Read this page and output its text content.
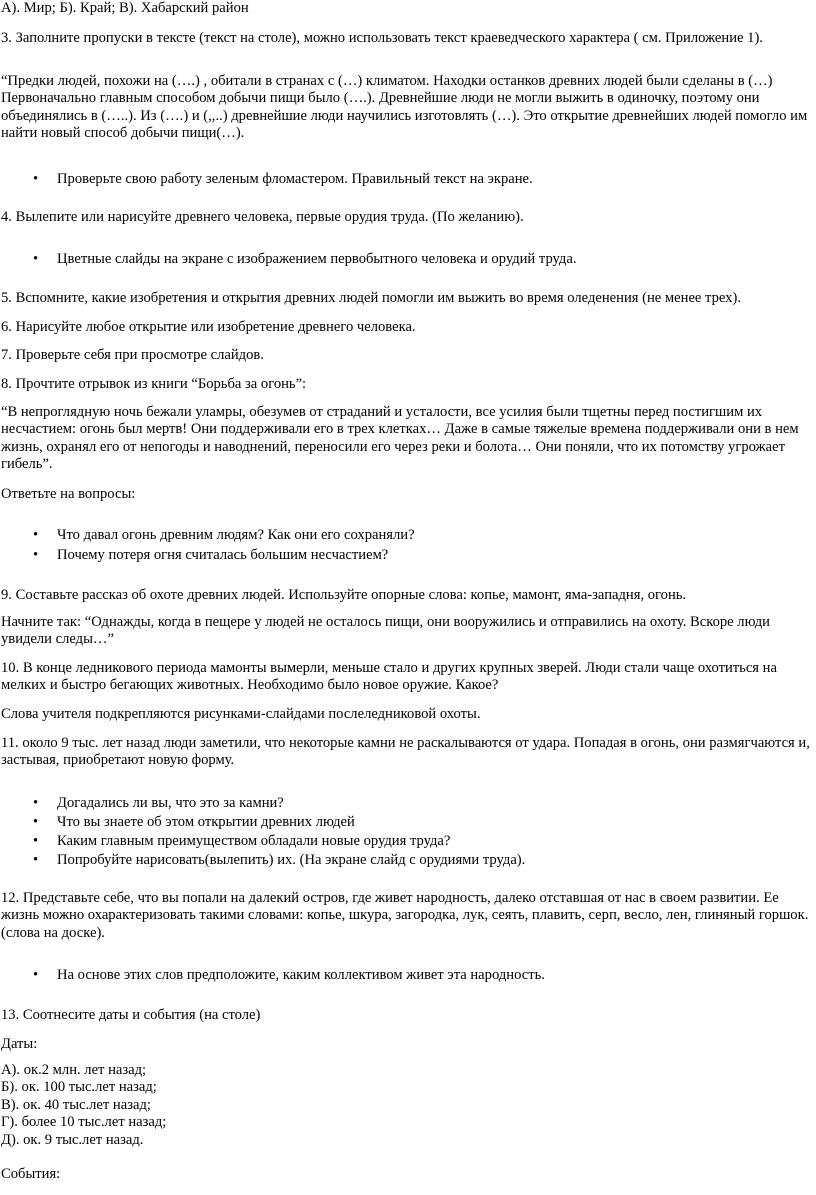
А). Мир; Б). Край; В). Хабарский район

3. Заполните пропуски в тексте (текст на столе), можно использовать текст краеведческого характера ( см. Приложение 1).

“Предки людей, похожи на (….) , обитали в странах с (…) климатом. Находки останков древних людей были сделаны в (…) Первоначально главным способом добычи пищи было (….). Древнейшие люди не могли выжить в одиночку, поэтому они объединялись в (…..). Из (….) и (,,..) древнейшие люди научились изготовлять (…). Это открытие древнейших людей помогло им найти новый способ добычи пищи(…).

•	Проверьте свою работу зеленым фломастером. Правильный текст на экране.

4. Вылепите или нарисуйте древнего человека, первые орудия труда. (По желанию).

•	Цветные слайды на экране с изображением первобытного человека и орудий труда.

5. Вспомните, какие изобретения и открытия древних людей помогли им выжить во время оледенения (не менее трех).

6. Нарисуйте любое открытие или изобретение древнего человека.

7. Проверьте себя при просмотре слайдов.

8. Прочтите отрывок из книги “Борьба за огонь”:

“В непроглядную ночь бежали уламры, обезумев от страданий и усталости, все усилия были тщетны перед постигшим их несчастием: огонь был мертв! Они поддерживали его в трех клетках… Даже в самые тяжелые времена поддерживали они в нем жизнь, охранял его от непогоды и наводнений, переносили его через реки и болота… Они поняли, что их потомству угрожает гибель”.

Ответьте на вопросы:

•	Что давал огонь древним людям? Как они его сохраняли?
•	Почему потеря огня считалась большим несчастием?

9. Составьте рассказ об охоте древних людей. Используйте опорные слова: копье, мамонт, яма-западня, огонь.

Начните так: “Однажды, когда в пещере у людей не осталось пищи, они вооружились и отправились на охоту. Вскоре люди увидели следы…”

10. В конце ледникового периода мамонты вымерли, меньше стало и других крупных зверей. Люди стали чаще охотиться на мелких и быстро бегающих животных. Необходимо было новое оружие. Какое?

Слова учителя подкрепляются рисунками-слайдами послеледниковой охоты.

11. около 9 тыс. лет назад люди заметили, что некоторые камни не раскалываются от удара. Попадая в огонь, они размягчаются и, застывая, приобретают новую форму.

•	Догадались ли вы, что это за камни?
•	Что вы знаете об этом открытии древних людей
•	Каким главным преимуществом обладали новые орудия труда?
•	Попробуйте нарисовать(вылепить) их. (На экране слайд с орудиями труда).

12. Представьте себе, что вы попали на далекий остров, где живет народность, далеко отставшая от нас в своем развитии. Ее жизнь можно охарактеризовать такими словами: копье, шкура, загородка, лук, сеять, плавить, серп, весло, лен, глиняный горшок.(слова на доске).

•	На основе этих слов предположите, каким коллективом живет эта народность.

13. Соотнесите даты и события (на столе)

Даты:

А). ок.2 млн. лет назад;
Б). ок. 100 тыс.лет назад;
В). ок. 40 тыс.лет назад;
Г). более 10 тыс.лет назад;
Д). ок. 9 тыс.лет назад.

События:
